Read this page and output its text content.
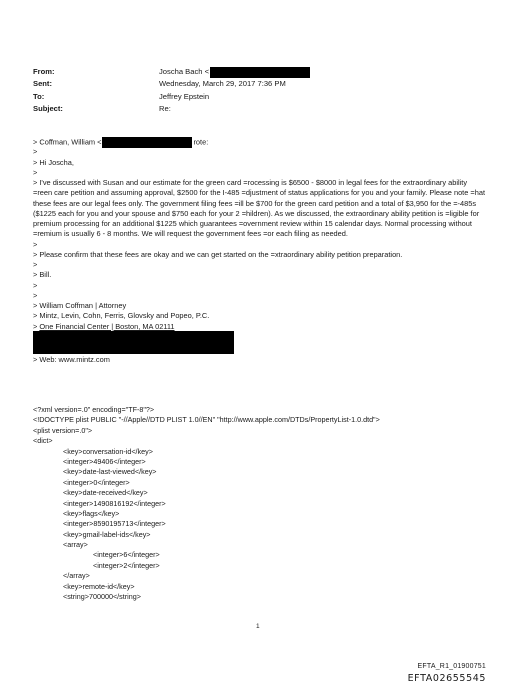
From:	Joscha Bach <
Sent:	Wednesday, March 29, 2017 7:36 PM
To:	Jeffrey Epstein
Subject:	Re:
> Coffman, William <	rote:
>
> Hi Joscha,
>
> I've discussed with Susan and our estimate for the green card =rocessing is $6500 - $8000 in legal fees for the extraordinary ability =reen care petition and assuming approval, $2500 for the I-485 =djustment of status applications for you and your family. Please note =hat these fees are our legal fees only. The government filing fees =ill be $700 for the green card petition and a total of $3,950 for the =-485s ($1225 each for you and your spouse and $750 each for your 2 =hildren). As we discussed, the extraordinary ability petition is =ligible for premium processing for an additional $1225 which guarantees =overnment review within 15 calendar days. Normal processing without =remium is usually 6 - 8 months. We will request the government fees =or each filing as needed.
>
> Please confirm that these fees are okay and we can get started on the =xtraordinary ability petition preparation.
>
> Bill.
>
>
> William Coffman | Attorney
> Mintz, Levin, Cohn, Ferris, Glovsky and Popeo, P.C.
> One Financial Center | Boston, MA 02111
> Web: www.mintz.com
<?xml version=.0" encoding="TF-8"?>
<!DOCTYPE plist PUBLIC "-//Apple//DTD PLIST 1.0//EN" "http://www.apple.com/DTDs/PropertyList-1.0.dtd">
<plist version=.0">
<dict>
<key>conversation-id</key>
<integer>49406</integer>
<key>date-last-viewed</key>
<integer>0</integer>
<key>date-received</key>
<integer>1490816192</integer>
<key>flags</key>
<integer>8590195713</integer>
<key>gmail-label-ids</key>
<array>
<integer>6</integer>
<integer>2</integer>
</array>
<key>remote-id</key>
<string>700000</string>
1
EFTA_R1_01900751
EFTA02655545
